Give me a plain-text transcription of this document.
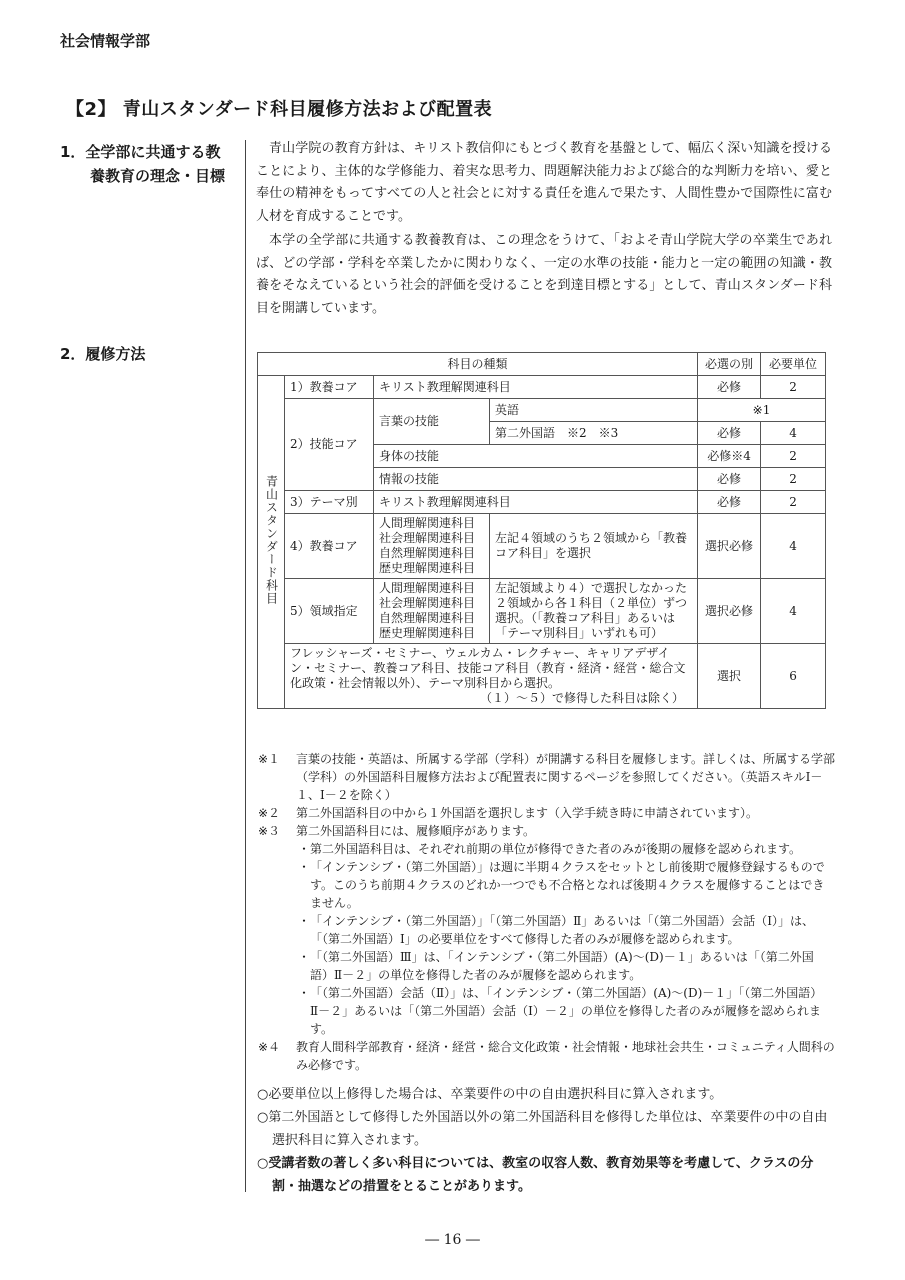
社会情報学部
【2】 青山スタンダード科目履修方法および配置表
1．全学部に共通する教
養教育の理念・目標
2．履修方法

青山学院の教育方針は、キリスト教信仰にもとづく教育を基盤として、幅広く深い知識を授けることにより、主体的な学修能力、着実な思考力、問題解決能力および総合的な判断力を培い、愛と奉仕の精神をもってすべての人と社会とに対する責任を進んで果たす、人間性豊かで国際性に富む人材を育成することです。

本学の全学部に共通する教養教育は、この理念をうけて、「およそ青山学院大学の卒業生であれば、どの学部・学科を卒業したかに関わりなく、一定の水準の技能・能力と一定の範囲の知識・教養をそなえているという社会的評価を受けることを到達目標とする」として、青山スタンダード科目を開講しています。

科目の種類				必選の別	必要単位
青山スタンダード科目	1）教養コア	キリスト教理解関連科目		必修	2
	2）技能コア	言葉の技能	英語	※1	
			第二外国語　※2　※3	必修	4
		身体の技能		必修※4	2
		情報の技能		必修	2
	3）テーマ別	キリスト教理解関連科目		必修	2
	4）教養コア	人間理解関連科目
社会理解関連科目
自然理解関連科目
歴史理解関連科目	左記４領域のうち２領域から「教養コア科目」を選択	選択必修	4
	5）領域指定	人間理解関連科目
社会理解関連科目
自然理解関連科目
歴史理解関連科目	左記領域より４）で選択しなかった２領域から各１科目（２単位）ずつ選択。（「教養コア科目」あるいは「テーマ別科目」いずれも可）	選択必修	4
	フレッシャーズ・セミナー、ウェルカム・レクチャー、キャリアデザイン・セミナー、教養コア科目、技能コア科目（教育・経済・経営・総合文化政策・社会情報以外）、テーマ別科目から選択。
（１）～５）で修得した科目は除く）			選択	6

※１ 言葉の技能・英語は、所属する学部（学科）が開講する科目を履修します。詳しくは、所属する学部（学科）の外国語科目履修方法および配置表に関するページを参照してください。（英語スキルⅠ－１、Ⅰ－２を除く）

※２ 第二外国語科目の中から１外国語を選択します（入学手続き時に申請されています）。

※３ 第二外国語科目には、履修順序があります。

・ 第二外国語科目は、それぞれ前期の単位が修得できた者のみが後期の履修を認められます。

・ 「インテンシブ・（第二外国語）」は週に半期４クラスをセットとし前後期で履修登録するものです。このうち前期４クラスのどれか一つでも不合格となれば後期４クラスを履修することはできません。

・ 「インテンシブ・（第二外国語）」「（第二外国語）Ⅱ」あるいは「（第二外国語）会話（Ⅰ）」は、「（第二外国語）Ⅰ」の必要単位をすべて修得した者のみが履修を認められます。

・ 「（第二外国語）Ⅲ」は、「インテンシブ・（第二外国語）(A)～(D)－１」あるいは「（第二外国語）Ⅱ－２」の単位を修得した者のみが履修を認められます。

・ 「（第二外国語）会話（Ⅱ）」は、「インテンシブ・（第二外国語）(A)～(D)－１」「（第二外国語）Ⅱ－２」あるいは「（第二外国語）会話（Ⅰ）－２」の単位を修得した者のみが履修を認められます。

※４ 教育人間科学部教育・経済・経営・総合文化政策・社会情報・地球社会共生・コミュニティ人間科のみ必修です。

○必要単位以上修得した場合は、卒業要件の中の自由選択科目に算入されます。

○第二外国語として修得した外国語以外の第二外国語科目を修得した単位は、卒業要件の中の自由選択科目に算入されます。

○受講者数の著しく多い科目については、教室の収容人数、教育効果等を考慮して、クラスの分割・抽選などの措置をとることがあります。

― 16 ―
